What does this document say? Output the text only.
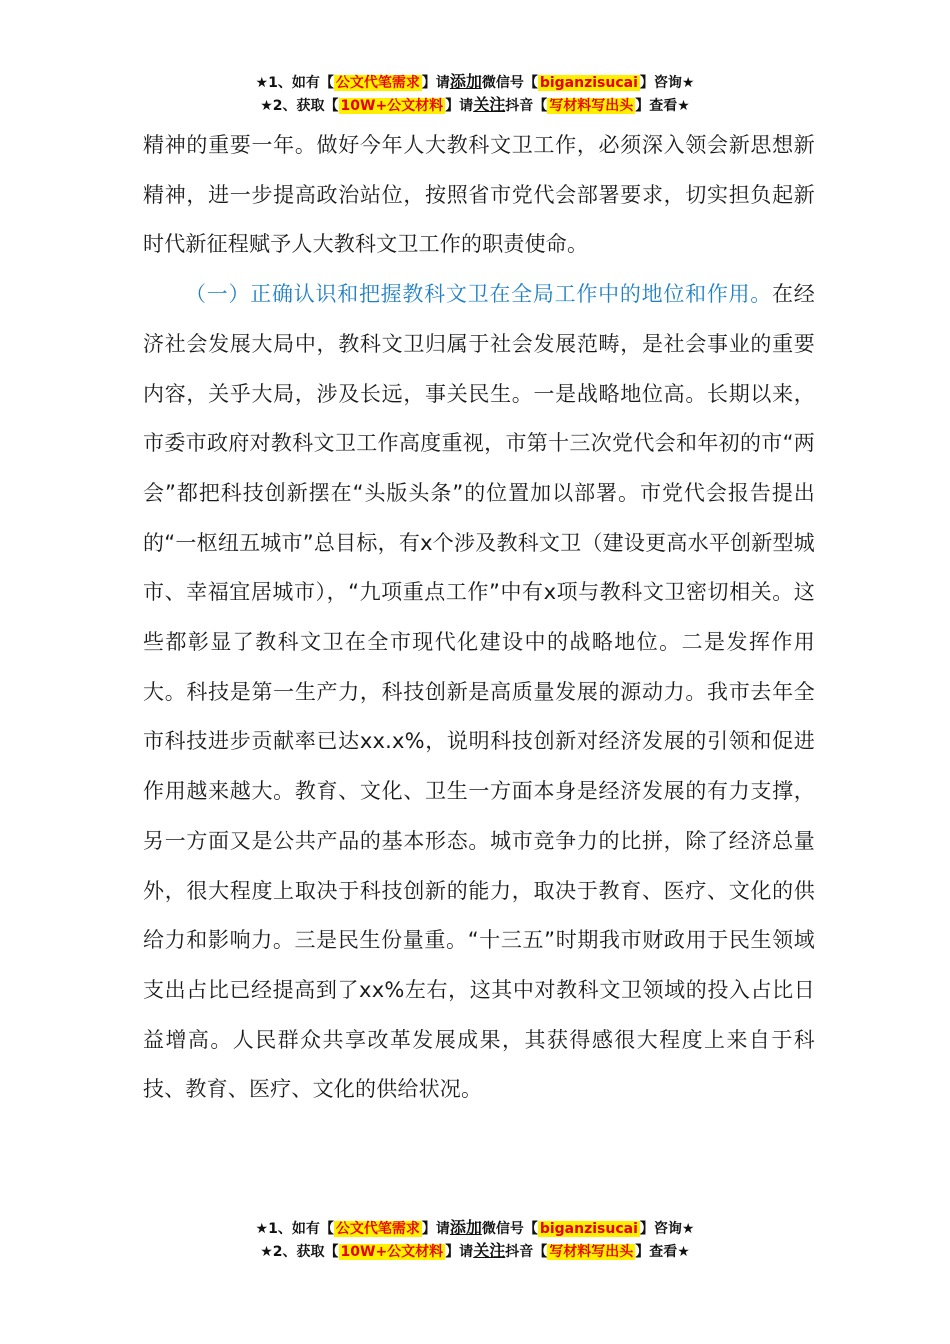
★1、如有【 公文代笔需求 】请添加微信号【 biganzisucai 】咨询★
★2、获取【 10W+公文材料 】请关注抖音【 写材料写出头 】查看★

精神的重要一年。做好今年人大教科文卫工作，必须深入领会新思想新精神，进一步提高政治站位，按照省市党代会部署要求，切实担负起新时代新征程赋予人大教科文卫工作的职责使命。

（一）正确认识和把握教科文卫在全局工作中的地位和作用。在经济社会发展大局中，教科文卫归属于社会发展范畴，是社会事业的重要内容，关乎大局，涉及长远，事关民生。一是战略地位高。长期以来，市委市政府对教科文卫工作高度重视，市第十三次党代会和年初的市“两会”都把科技创新摆在“头版头条”的位置加以部署。市党代会报告提出的“一枢纽五城市”总目标，有x个涉及教科文卫（建设更高水平创新型城市、幸福宜居城市），“九项重点工作”中有x项与教科文卫密切相关。这些都彰显了教科文卫在全市现代化建设中的战略地位。二是发挥作用大。科技是第一生产力，科技创新是高质量发展的源动力。我市去年全市科技进步贡献率已达xx.x%，说明科技创新对经济发展的引领和促进作用越来越大。教育、文化、卫生一方面本身是经济发展的有力支撑，另一方面又是公共产品的基本形态。城市竞争力的比拼，除了经济总量外，很大程度上取决于科技创新的能力，取决于教育、医疗、文化的供给力和影响力。三是民生份量重。“十三五”时期我市财政用于民生领域支出占比已经提高到了xx%左右，这其中对教科文卫领域的投入占比日益增高。人民群众共享改革发展成果，其获得感很大程度上来自于科技、教育、医疗、文化的供给状况。

★1、如有【 公文代笔需求 】请添加微信号【 biganzisucai 】咨询★
★2、获取【 10W+公文材料 】请关注抖音【 写材料写出头 】查看★
